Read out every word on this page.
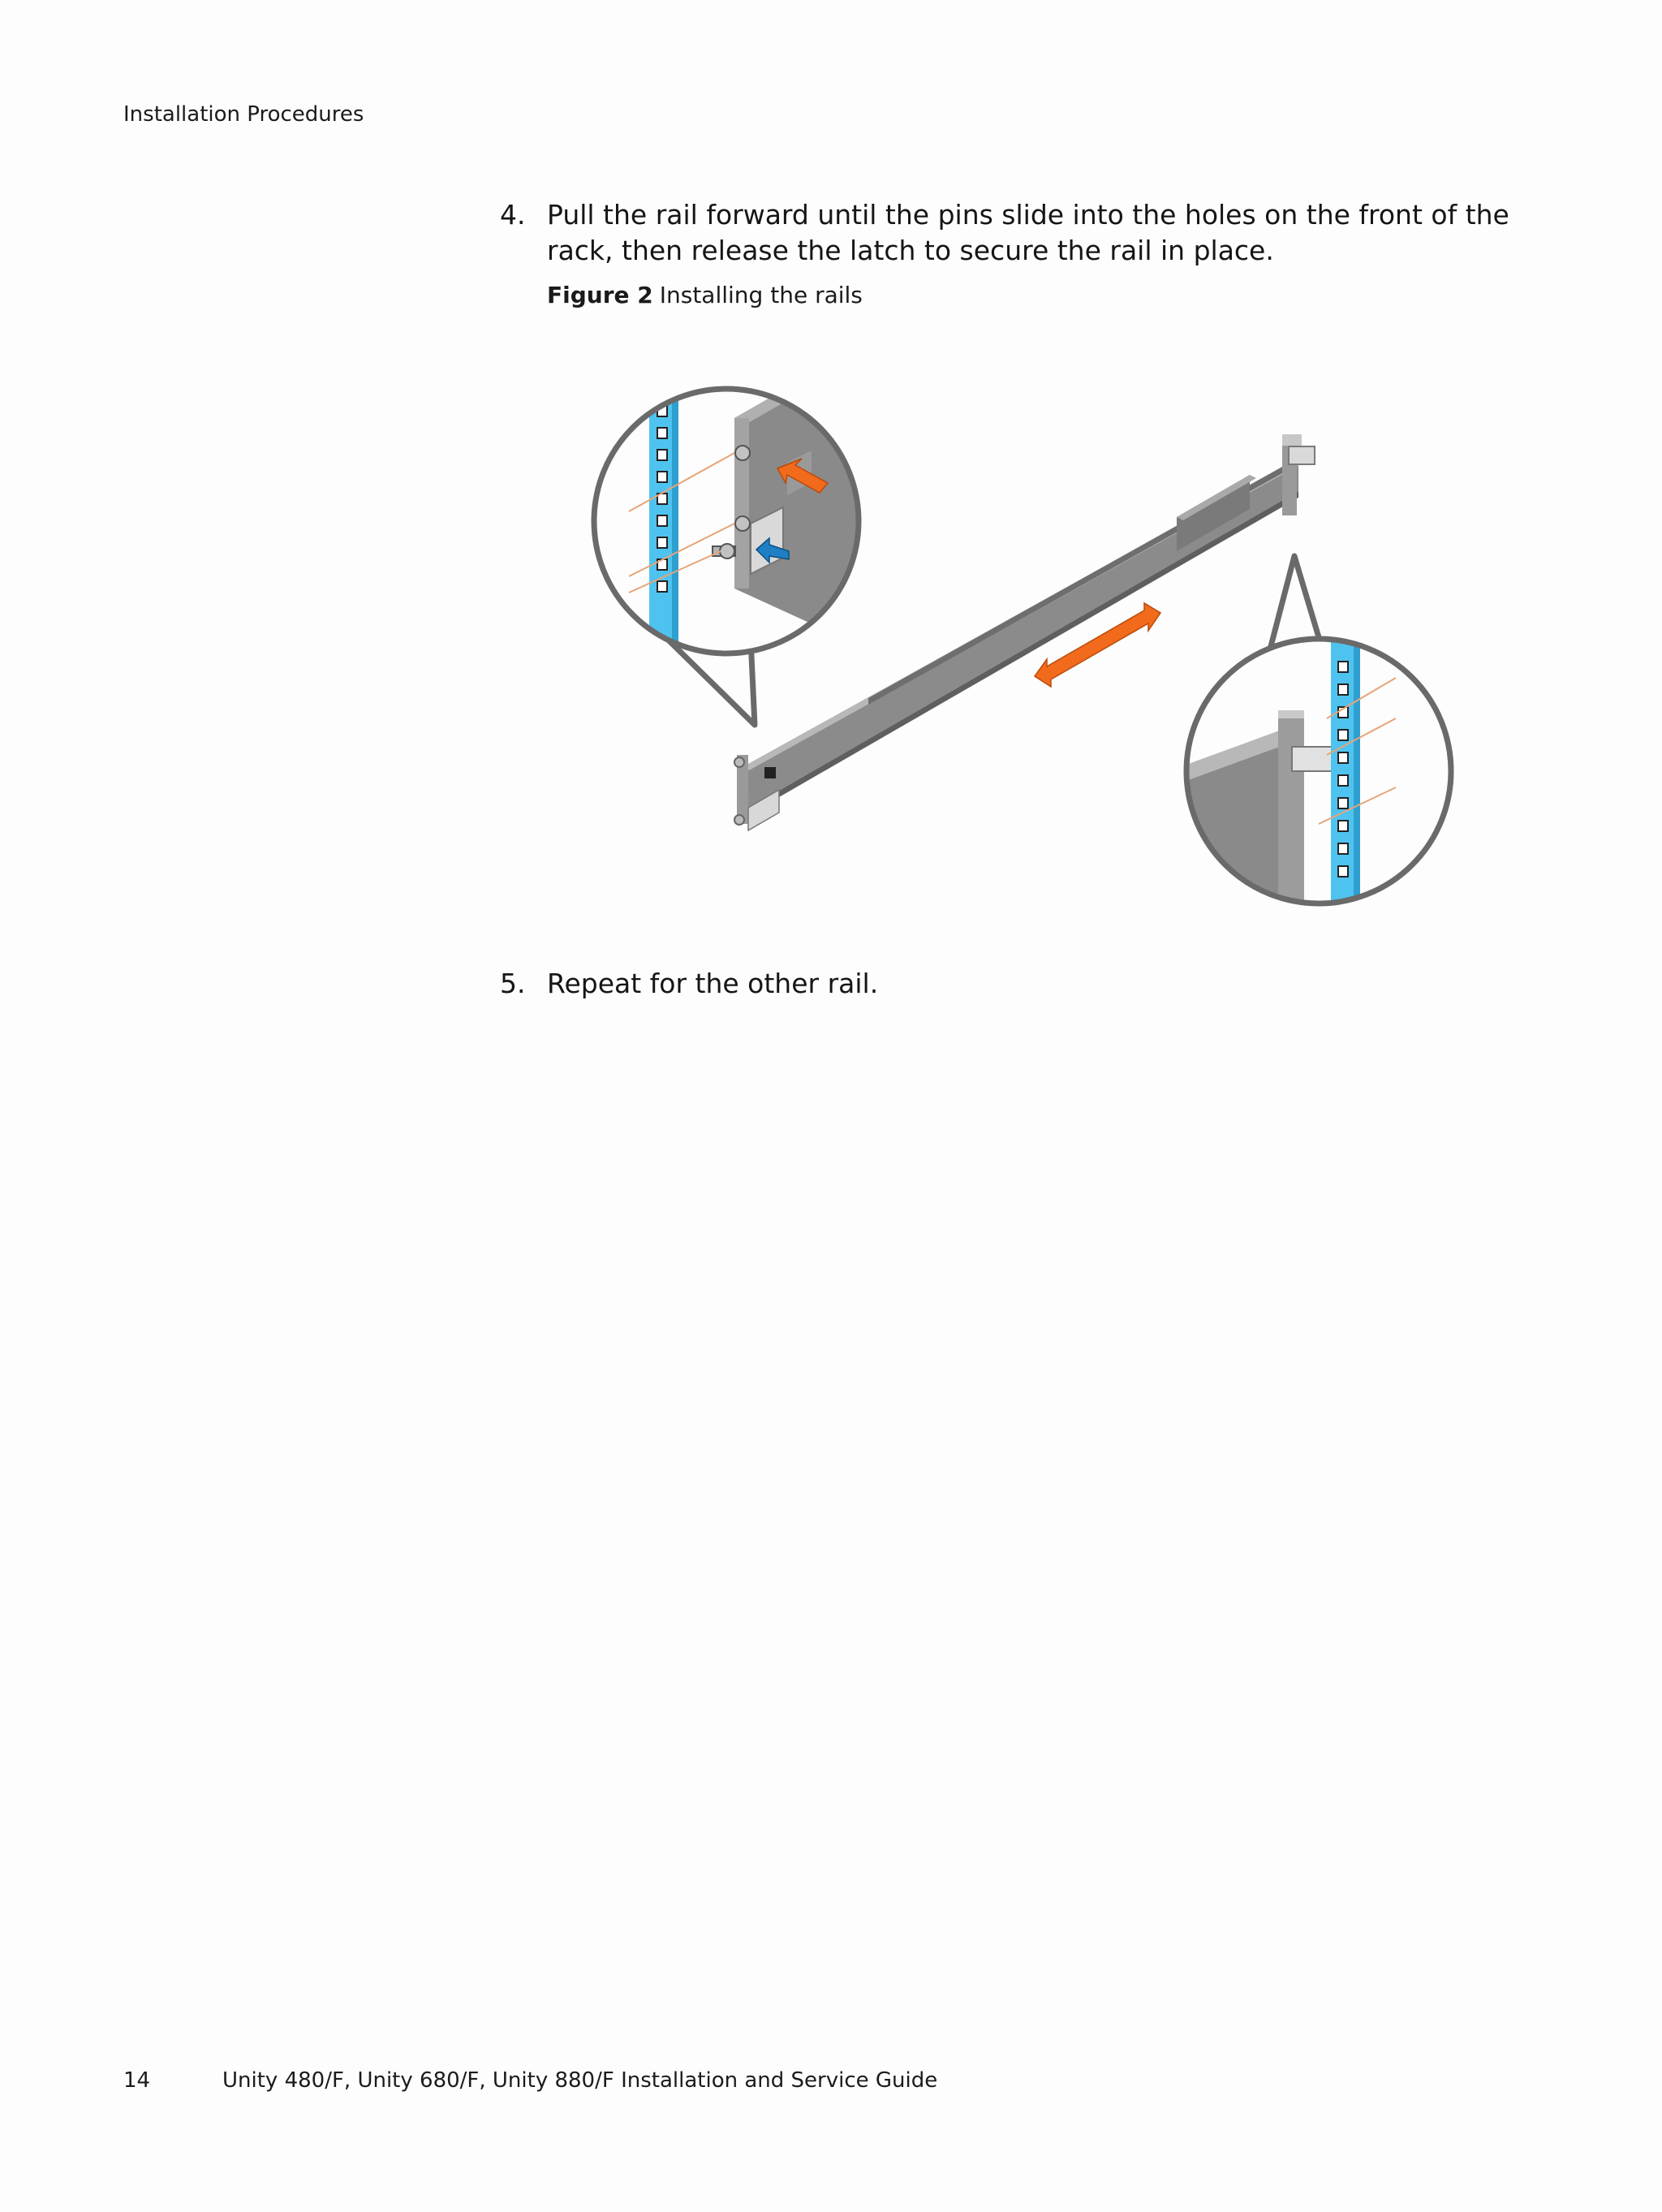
Installation Procedures
4. Pull the rail forward until the pins slide into the holes on the front of the rack, then release the latch to secure the rail in place.
Figure 2 Installing the rails
5. Repeat for the other rail.
14	Unity 480/F, Unity 680/F, Unity 880/F Installation and Service Guide
